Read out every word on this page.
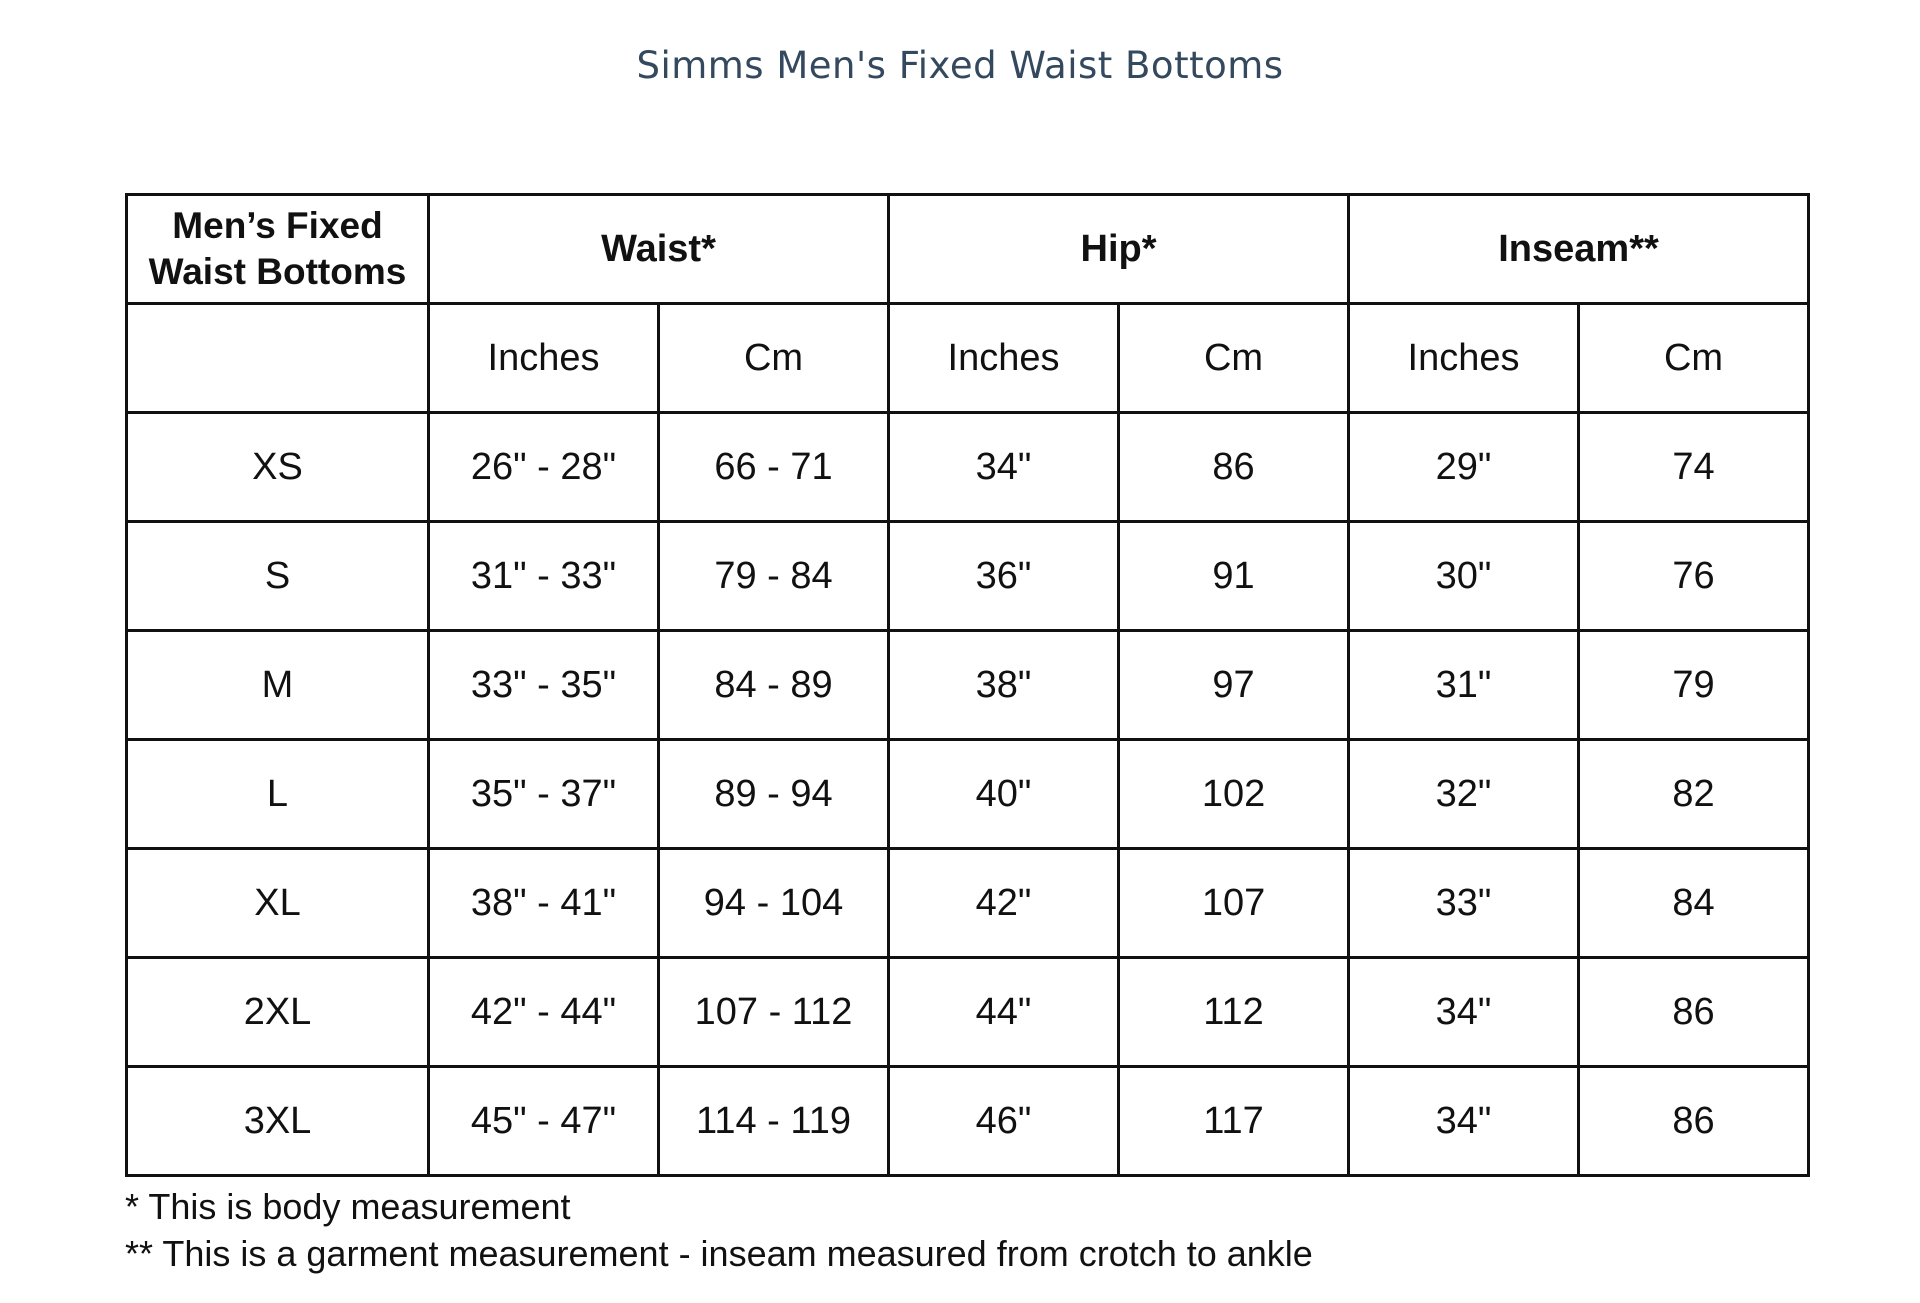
Simms Men's Fixed Waist Bottoms
Men’s Fixed
Waist Bottoms	Waist*		Hip*		Inseam**	
	Inches	Cm	Inches	Cm	Inches	Cm
XS	26" - 28"	66 - 71	34"	86	29"	74
S	31" - 33"	79 - 84	36"	91	30"	76
M	33" - 35"	84 - 89	38"	97	31"	79
L	35" - 37"	89 - 94	40"	102	32"	82
XL	38" - 41"	94 - 104	42"	107	33"	84
2XL	42" - 44"	107 - 112	44"	112	34"	86
3XL	45" - 47"	114 - 119	46"	117	34"	86
* This is body measurement
** This is a garment measurement - inseam measured from crotch to ankle
